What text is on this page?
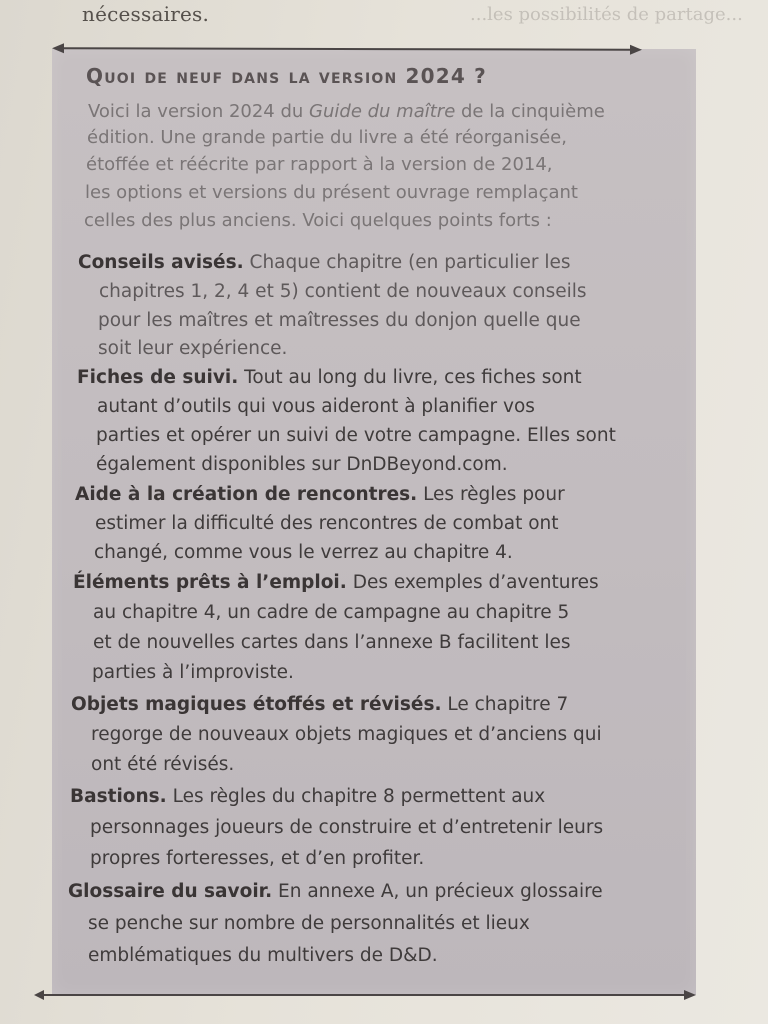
nécessaires.	...les possibilités de partage...
Quoi de neuf dans la version 2024 ?
Voici la version 2024 du Guide du maître de la cinquième
édition. Une grande partie du livre a été réorganisée,
étoffée et réécrite par rapport à la version de 2014,
les options et versions du présent ouvrage remplaçant
celles des plus anciens. Voici quelques points forts :
Conseils avisés. Chaque chapitre (en particulier les
chapitres 1, 2, 4 et 5) contient de nouveaux conseils
pour les maîtres et maîtresses du donjon quelle que
soit leur expérience.
Fiches de suivi. Tout au long du livre, ces fiches sont
autant d’outils qui vous aideront à planifier vos
parties et opérer un suivi de votre campagne. Elles sont
également disponibles sur DnDBeyond.com.
Aide à la création de rencontres. Les règles pour
estimer la difficulté des rencontres de combat ont
changé, comme vous le verrez au chapitre 4.
Éléments prêts à l’emploi. Des exemples d’aventures
au chapitre 4, un cadre de campagne au chapitre 5
et de nouvelles cartes dans l’annexe B facilitent les
parties à l’improviste.
Objets magiques étoffés et révisés. Le chapitre 7
regorge de nouveaux objets magiques et d’anciens qui
ont été révisés.
Bastions. Les règles du chapitre 8 permettent aux
personnages joueurs de construire et d’entretenir leurs
propres forteresses, et d’en profiter.
Glossaire du savoir. En annexe A, un précieux glossaire
se penche sur nombre de personnalités et lieux
emblématiques du multivers de D&D.
